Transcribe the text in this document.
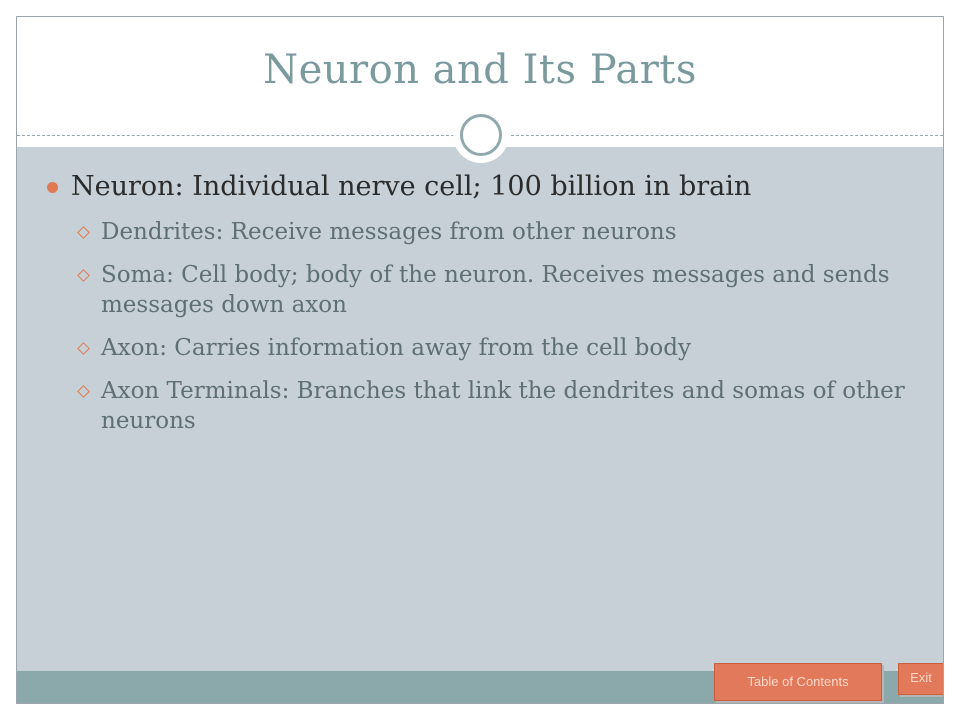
Neuron and Its Parts
Neuron: Individual nerve cell; 100 billion in brain
Dendrites: Receive messages from other neurons
Soma: Cell body; body of the neuron. Receives messages and sends messages down axon
Axon: Carries information away from the cell body
Axon Terminals: Branches that link the dendrites and somas of other neurons
Table of Contents	Exit
